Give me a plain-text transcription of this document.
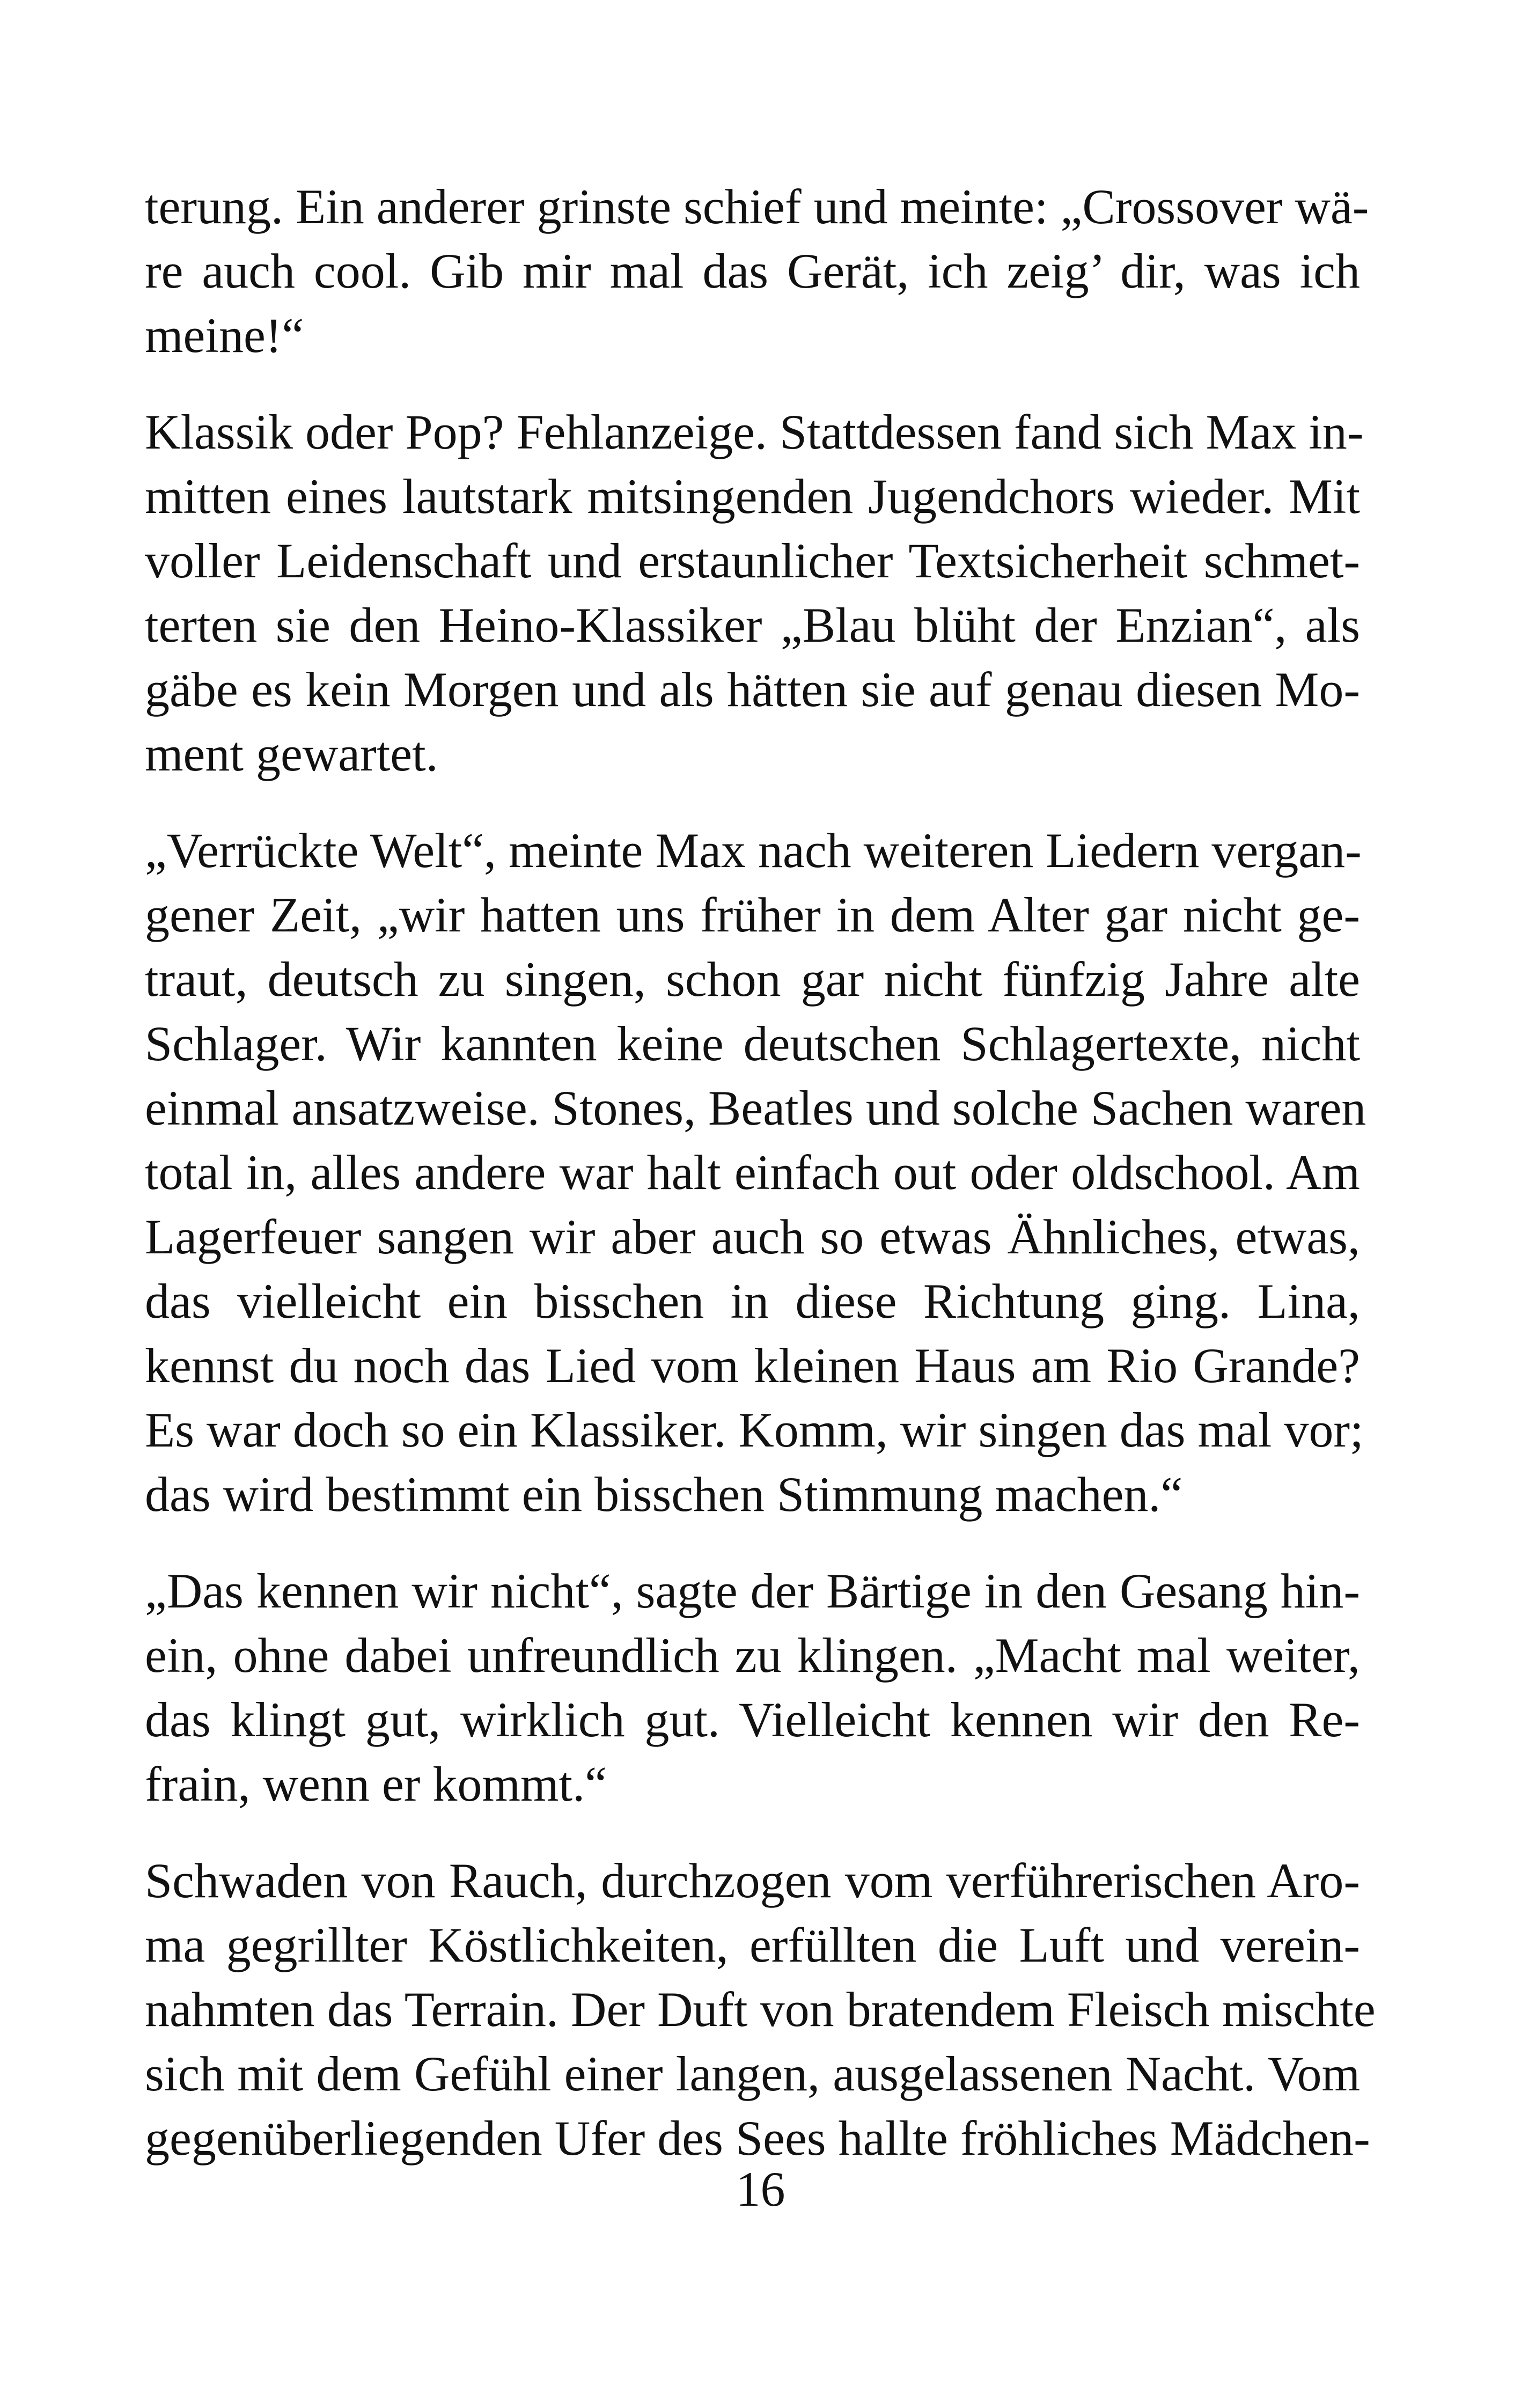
terung. Ein anderer grinste schief und meinte: „Crossover wä-
re auch cool. Gib mir mal das Gerät, ich zeig’ dir, was ich
meine!“
Klassik oder Pop? Fehlanzeige. Stattdessen fand sich Max in-
mitten eines lautstark mitsingenden Jugendchors wieder. Mit
voller Leidenschaft und erstaunlicher Textsicherheit schmet-
terten sie den Heino-Klassiker „Blau blüht der Enzian“, als
gäbe es kein Morgen und als hätten sie auf genau diesen Mo-
ment gewartet.
„Verrückte Welt“, meinte Max nach weiteren Liedern vergan-
gener Zeit, „wir hatten uns früher in dem Alter gar nicht ge-
traut, deutsch zu singen, schon gar nicht fünfzig Jahre alte
Schlager. Wir kannten keine deutschen Schlagertexte, nicht
einmal ansatzweise. Stones, Beatles und solche Sachen waren
total in, alles andere war halt einfach out oder oldschool. Am
Lagerfeuer sangen wir aber auch so etwas Ähnliches, etwas,
das vielleicht ein bisschen in diese Richtung ging. Lina,
kennst du noch das Lied vom kleinen Haus am Rio Grande?
Es war doch so ein Klassiker. Komm, wir singen das mal vor;
das wird bestimmt ein bisschen Stimmung machen.“
„Das kennen wir nicht“, sagte der Bärtige in den Gesang hin-
ein, ohne dabei unfreundlich zu klingen. „Macht mal weiter,
das klingt gut, wirklich gut. Vielleicht kennen wir den Re-
frain, wenn er kommt.“
Schwaden von Rauch, durchzogen vom verführerischen Aro-
ma gegrillter Köstlichkeiten, erfüllten die Luft und verein-
nahmten das Terrain. Der Duft von bratendem Fleisch mischte
sich mit dem Gefühl einer langen, ausgelassenen Nacht. Vom
gegenüberliegenden Ufer des Sees hallte fröhliches Mädchen-
16
